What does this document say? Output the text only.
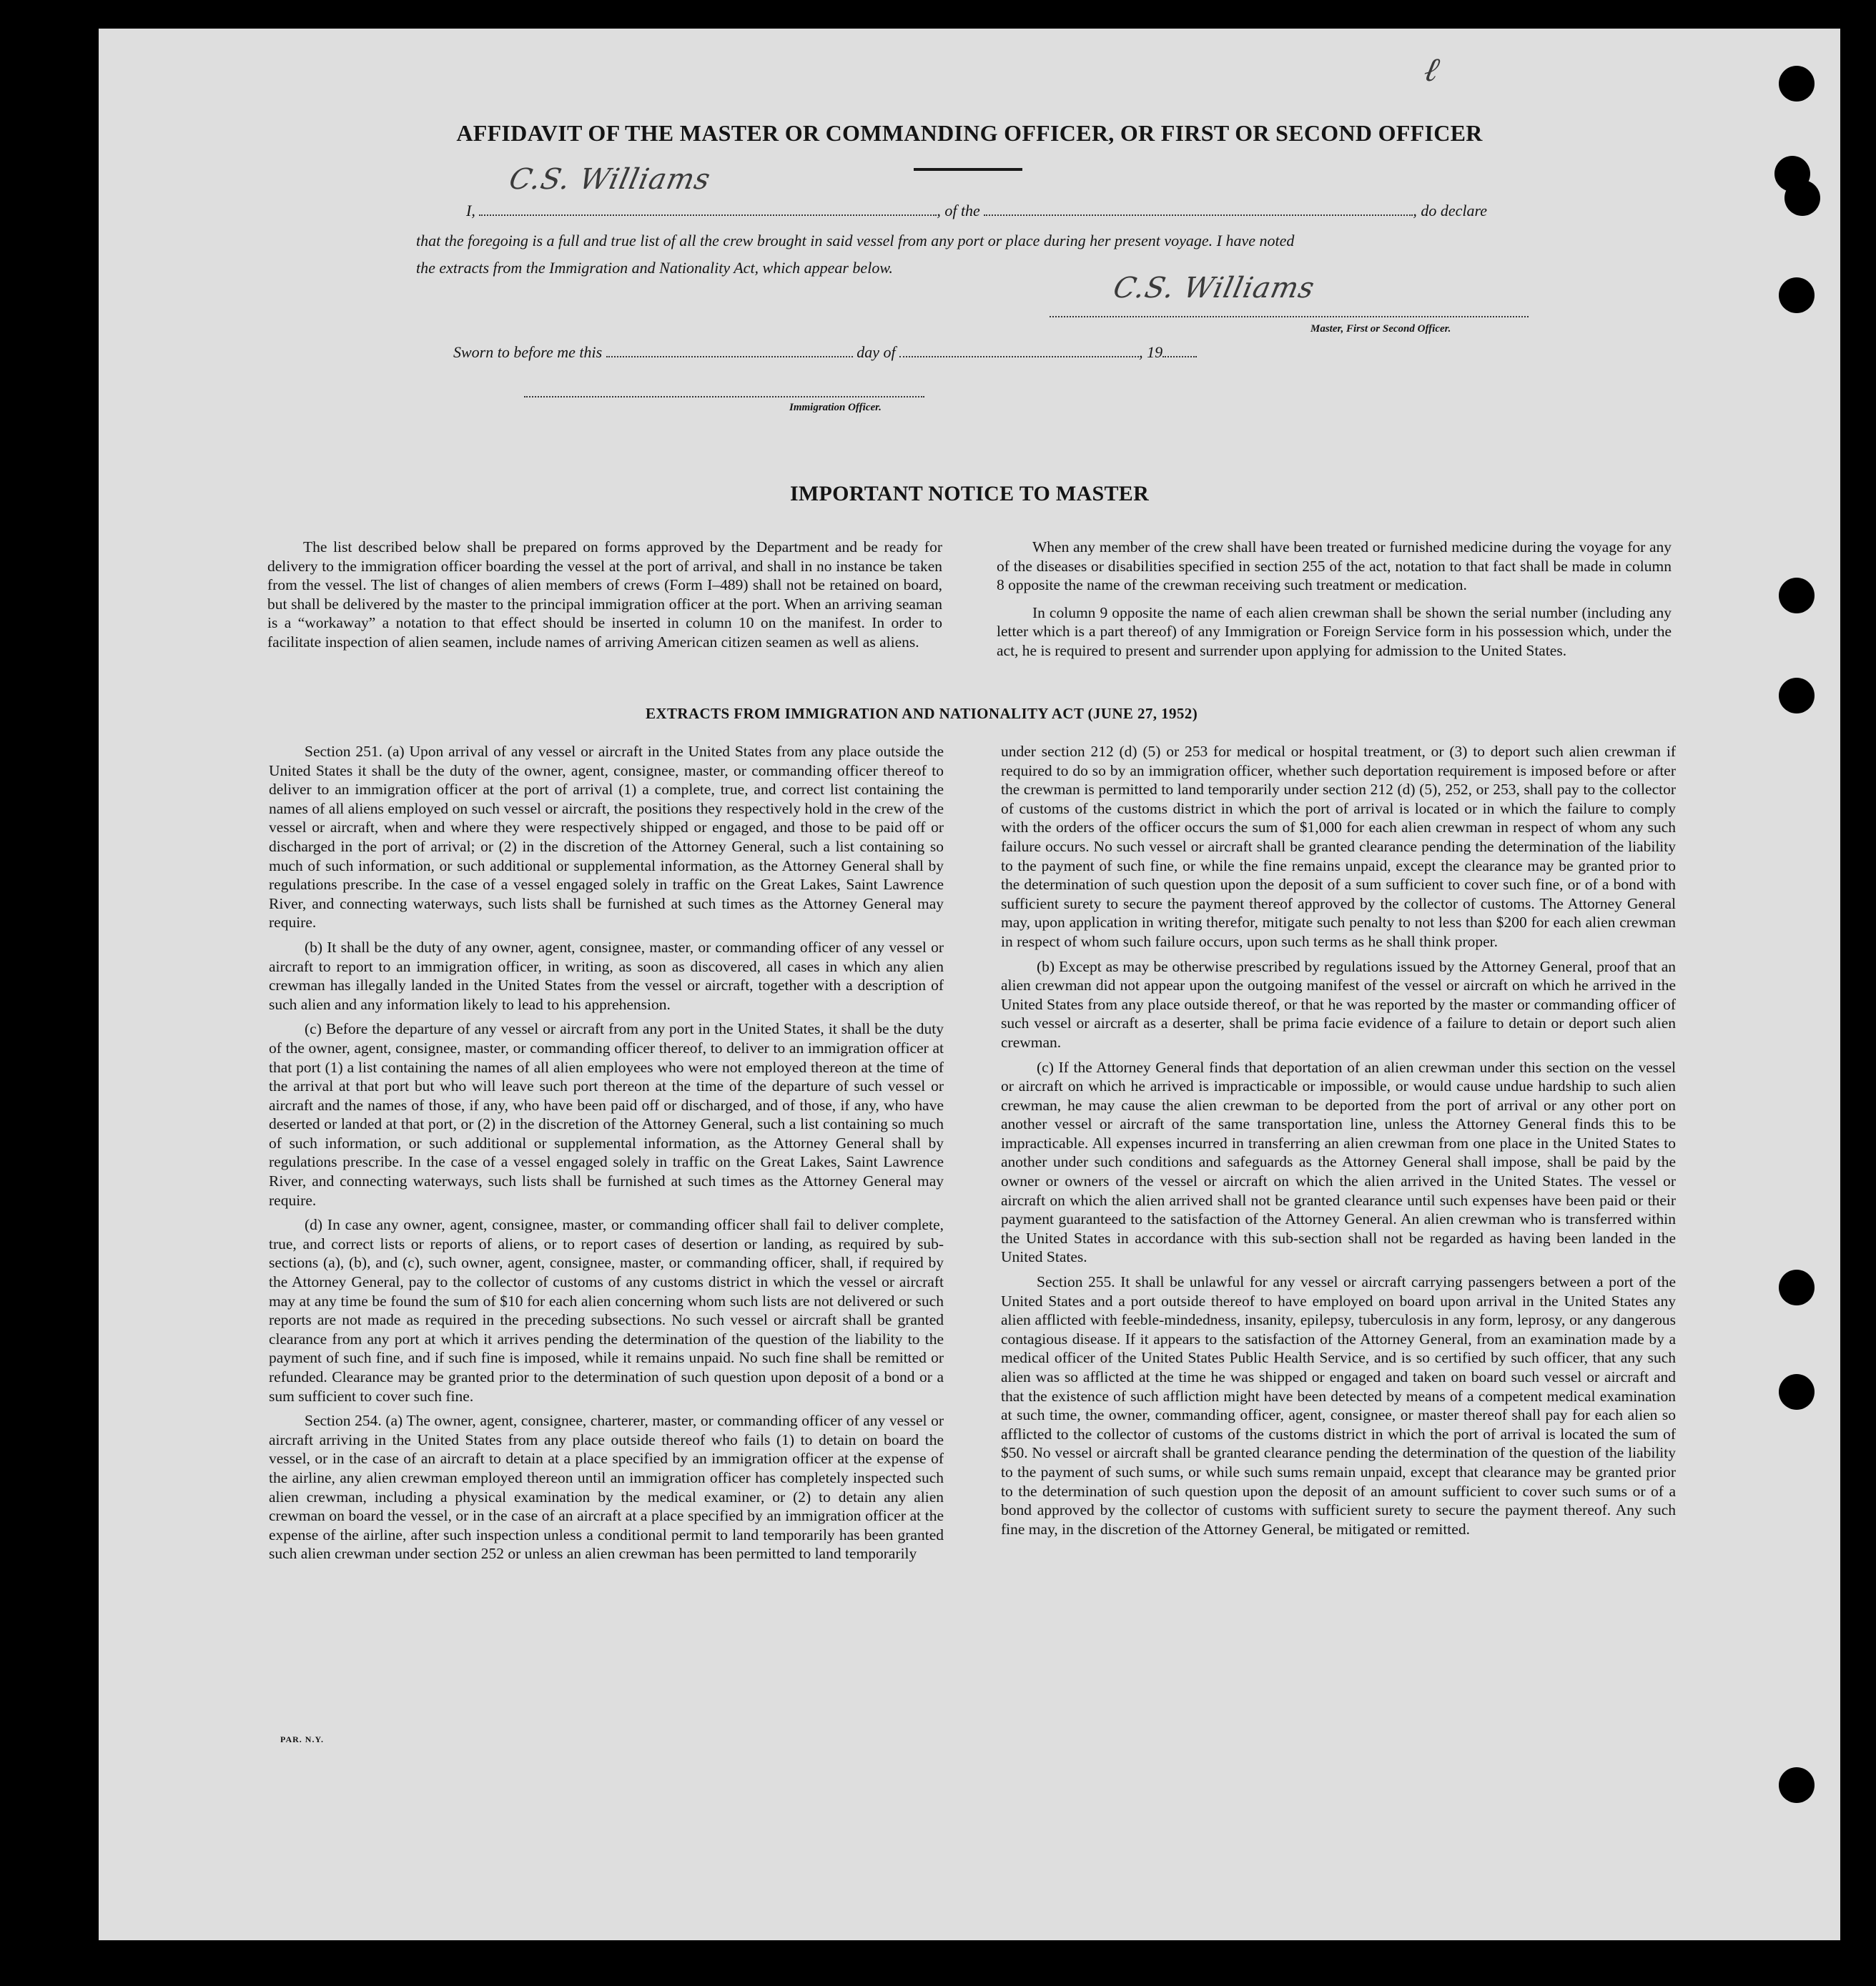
ℓ
AFFIDAVIT OF THE MASTER OR COMMANDING OFFICER, OR FIRST OR SECOND OFFICER
C.S. Williams
I,	, of the	, do declare
that the foregoing is a full and true list of all the crew brought in said vessel from any port or place during her present voyage. I have noted
the extracts from the Immigration and Nationality Act, which appear below.
C.S. Williams
Master, First or Second Officer.
Sworn to before me this	day of	, 19
Immigration Officer.
IMPORTANT NOTICE TO MASTER

The list described below shall be prepared on forms approved by the Department and be ready for delivery to the immigration officer boarding the vessel at the port of arrival, and shall in no instance be taken from the vessel. The list of changes of alien members of crews (Form I–489) shall not be retained on board, but shall be delivered by the master to the principal immigration officer at the port. When an arriving seaman is a “workaway” a notation to that effect should be inserted in column 10 on the manifest. In order to facilitate inspection of alien seamen, include names of arriving American citizen seamen as well as aliens.

When any member of the crew shall have been treated or furnished medicine during the voyage for any of the diseases or disabilities specified in section 255 of the act, notation to that fact shall be made in column 8 opposite the name of the crewman receiving such treatment or medication.

In column 9 opposite the name of each alien crewman shall be shown the serial number (including any letter which is a part thereof) of any Immigration or Foreign Service form in his possession which, under the act, he is required to present and surrender upon applying for admission to the United States.

EXTRACTS FROM IMMIGRATION AND NATIONALITY ACT (JUNE 27, 1952)

Section 251. (a) Upon arrival of any vessel or aircraft in the United States from any place outside the United States it shall be the duty of the owner, agent, consignee, master, or commanding officer thereof to deliver to an immigration officer at the port of arrival (1) a complete, true, and correct list containing the names of all aliens employed on such vessel or aircraft, the positions they respectively hold in the crew of the vessel or aircraft, when and where they were respectively shipped or engaged, and those to be paid off or discharged in the port of arrival; or (2) in the discretion of the Attorney General, such a list containing so much of such information, or such additional or supplemental information, as the Attorney General shall by regulations prescribe. In the case of a vessel engaged solely in traffic on the Great Lakes, Saint Lawrence River, and connecting waterways, such lists shall be furnished at such times as the Attorney General may require.

(b) It shall be the duty of any owner, agent, consignee, master, or commanding officer of any vessel or aircraft to report to an immigration officer, in writing, as soon as discovered, all cases in which any alien crewman has illegally landed in the United States from the vessel or aircraft, together with a description of such alien and any information likely to lead to his apprehension.

(c) Before the departure of any vessel or aircraft from any port in the United States, it shall be the duty of the owner, agent, consignee, master, or commanding officer thereof, to deliver to an immigration officer at that port (1) a list containing the names of all alien employees who were not employed thereon at the time of the arrival at that port but who will leave such port thereon at the time of the departure of such vessel or aircraft and the names of those, if any, who have been paid off or discharged, and of those, if any, who have deserted or landed at that port, or (2) in the discretion of the Attorney General, such a list containing so much of such information, or such additional or supplemental information, as the Attorney General shall by regulations prescribe. In the case of a vessel engaged solely in traffic on the Great Lakes, Saint Lawrence River, and connecting waterways, such lists shall be furnished at such times as the Attorney General may require.

(d) In case any owner, agent, consignee, master, or commanding officer shall fail to deliver complete, true, and correct lists or reports of aliens, or to report cases of desertion or landing, as required by sub-sections (a), (b), and (c), such owner, agent, consignee, master, or commanding officer, shall, if required by the Attorney General, pay to the collector of customs of any customs district in which the vessel or aircraft may at any time be found the sum of $10 for each alien concerning whom such lists are not delivered or such reports are not made as required in the preceding subsections. No such vessel or aircraft shall be granted clearance from any port at which it arrives pending the determination of the question of the liability to the payment of such fine, and if such fine is imposed, while it remains unpaid. No such fine shall be remitted or refunded. Clearance may be granted prior to the determination of such question upon deposit of a bond or a sum sufficient to cover such fine.

Section 254. (a) The owner, agent, consignee, charterer, master, or commanding officer of any vessel or aircraft arriving in the United States from any place outside thereof who fails (1) to detain on board the vessel, or in the case of an aircraft to detain at a place specified by an immigration officer at the expense of the airline, any alien crewman employed thereon until an immigration officer has completely inspected such alien crewman, including a physical examination by the medical examiner, or (2) to detain any alien crewman on board the vessel, or in the case of an aircraft at a place specified by an immigration officer at the expense of the airline, after such inspection unless a conditional permit to land temporarily has been granted such alien crewman under section 252 or unless an alien crewman has been permitted to land temporarily

under section 212 (d) (5) or 253 for medical or hospital treatment, or (3) to deport such alien crewman if required to do so by an immigration officer, whether such deportation requirement is imposed before or after the crewman is permitted to land temporarily under section 212 (d) (5), 252, or 253, shall pay to the collector of customs of the customs district in which the port of arrival is located or in which the failure to comply with the orders of the officer occurs the sum of $1,000 for each alien crewman in respect of whom any such failure occurs. No such vessel or aircraft shall be granted clearance pending the determination of the liability to the payment of such fine, or while the fine remains unpaid, except the clearance may be granted prior to the determination of such question upon the deposit of a sum sufficient to cover such fine, or of a bond with sufficient surety to secure the payment thereof approved by the collector of customs. The Attorney General may, upon application in writing therefor, mitigate such penalty to not less than $200 for each alien crewman in respect of whom such failure occurs, upon such terms as he shall think proper.

(b) Except as may be otherwise prescribed by regulations issued by the Attorney General, proof that an alien crewman did not appear upon the outgoing manifest of the vessel or aircraft on which he arrived in the United States from any place outside thereof, or that he was reported by the master or commanding officer of such vessel or aircraft as a deserter, shall be prima facie evidence of a failure to detain or deport such alien crewman.

(c) If the Attorney General finds that deportation of an alien crewman under this section on the vessel or aircraft on which he arrived is impracticable or impossible, or would cause undue hardship to such alien crewman, he may cause the alien crewman to be deported from the port of arrival or any other port on another vessel or aircraft of the same transportation line, unless the Attorney General finds this to be impracticable. All expenses incurred in transferring an alien crewman from one place in the United States to another under such conditions and safeguards as the Attorney General shall impose, shall be paid by the owner or owners of the vessel or aircraft on which the alien arrived in the United States. The vessel or aircraft on which the alien arrived shall not be granted clearance until such expenses have been paid or their payment guaranteed to the satisfaction of the Attorney General. An alien crewman who is transferred within the United States in accordance with this sub-section shall not be regarded as having been landed in the United States.

Section 255. It shall be unlawful for any vessel or aircraft carrying passengers between a port of the United States and a port outside thereof to have employed on board upon arrival in the United States any alien afflicted with feeble-mindedness, insanity, epilepsy, tuberculosis in any form, leprosy, or any dangerous contagious disease. If it appears to the satisfaction of the Attorney General, from an examination made by a medical officer of the United States Public Health Service, and is so certified by such officer, that any such alien was so afflicted at the time he was shipped or engaged and taken on board such vessel or aircraft and that the existence of such affliction might have been detected by means of a competent medical examination at such time, the owner, commanding officer, agent, consignee, or master thereof shall pay for each alien so afflicted to the collector of customs of the customs district in which the port of arrival is located the sum of $50. No vessel or aircraft shall be granted clearance pending the determination of the question of the liability to the payment of such sums, or while such sums remain unpaid, except that clearance may be granted prior to the determination of such question upon the deposit of an amount sufficient to cover such sums or of a bond approved by the collector of customs with sufficient surety to secure the payment thereof. Any such fine may, in the discretion of the Attorney General, be mitigated or remitted.

PAR. N.Y.
